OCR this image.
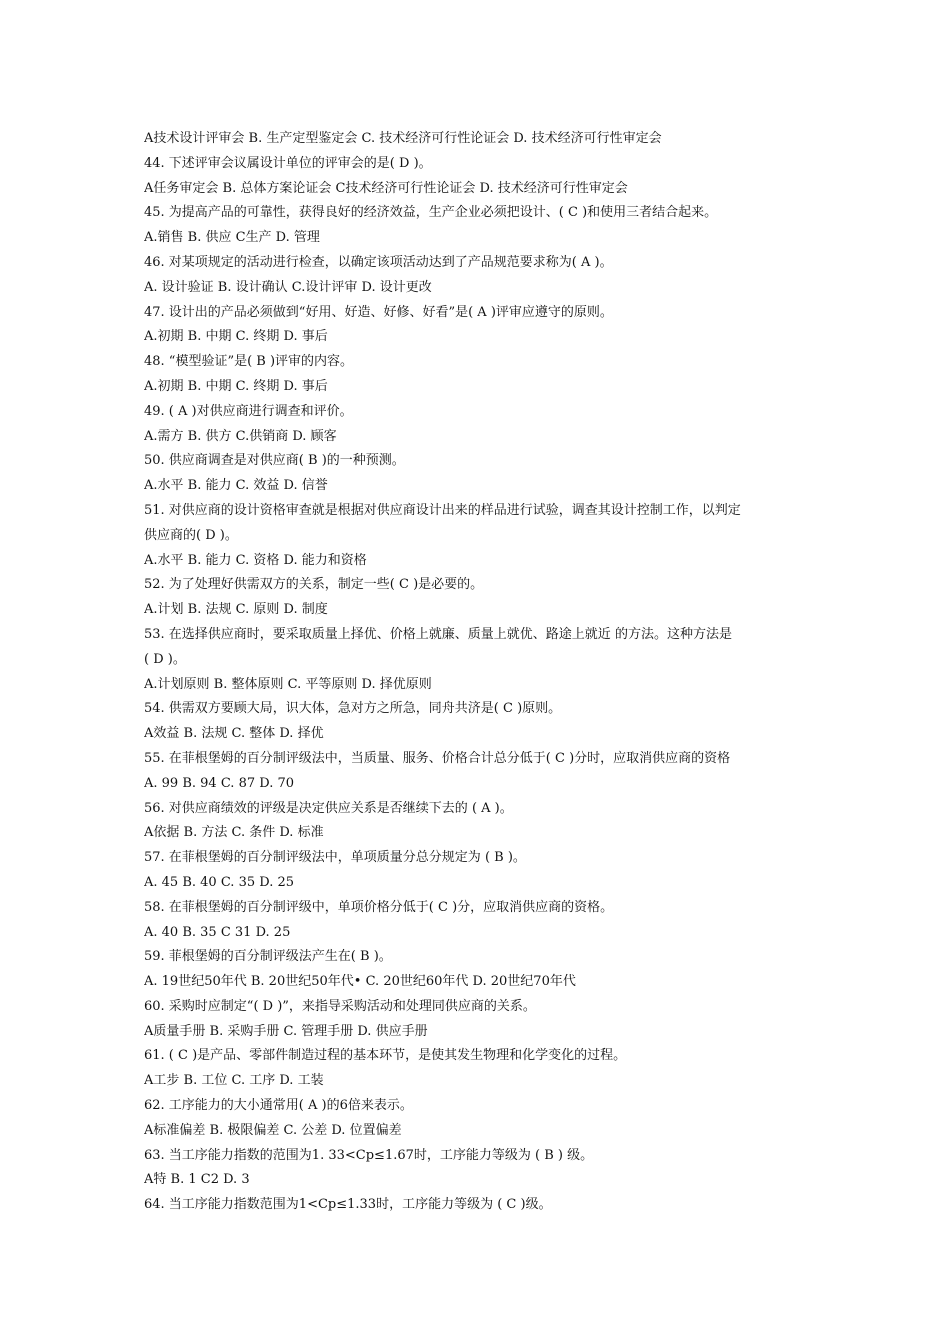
A技术设计评审会 B. 生产定型鉴定会 C. 技术经济可行性论证会 D. 技术经济可行性审定会
44. 下述评审会议属设计单位的评审会的是( D )。
A任务审定会 B. 总体方案论证会 C技术经济可行性论证会 D. 技术经济可行性审定会
45. 为提高产品的可靠性，获得良好的经济效益，生产企业必须把设计、( C )和使用三者结合起来。
A.销售 B. 供应 C生产 D. 管理
46. 对某项规定的活动进行检查，以确定该项活动达到了产品规范要求称为( A )。
A. 设计验证 B. 设计确认 C.设计评审 D. 设计更改
47. 设计出的产品必须做到“好用、好造、好修、好看”是( A )评审应遵守的原则。
A.初期 B. 中期 C. 终期 D. 事后
48. “模型验证”是( B )评审的内容。
A.初期 B. 中期 C. 终期 D. 事后
49. ( A )对供应商进行调查和评价。
A.需方 B. 供方 C.供销商 D. 顾客
50. 供应商调查是对供应商( B )的一种预测。
A.水平 B. 能力 C. 效益 D. 信誉
51. 对供应商的设计资格审查就是根据对供应商设计出来的样品进行试验，调查其设计控制工作，以判定
供应商的( D )。
A.水平 B. 能力 C. 资格 D. 能力和资格
52. 为了处理好供需双方的关系，制定一些( C )是必要的。
A.计划 B. 法规 C. 原则 D. 制度
53. 在选择供应商时，要采取质量上择优、价格上就廉、质量上就优、路途上就近 的方法。这种方法是
( D )。
A.计划原则 B. 整体原则 C. 平等原则 D. 择优原则
54. 供需双方要顾大局，识大体，急对方之所急，同舟共济是( C )原则。
A效益 B. 法规 C. 整体 D. 择优
55. 在菲根堡姆的百分制评级法中，当质量、服务、价格合计总分低于( C )分时，应取消供应商的资格
A. 99 B. 94 C. 87 D. 70
56. 对供应商绩效的评级是决定供应关系是否继续下去的 ( A )。
A依据 B. 方法 C. 条件 D. 标准
57. 在菲根堡姆的百分制评级法中，单项质量分总分规定为 ( B )。
A. 45 B. 40 C. 35 D. 25
58. 在菲根堡姆的百分制评级中，单项价格分低于( C )分，应取消供应商的资格。
A. 40 B. 35 C 31 D. 25
59. 菲根堡姆的百分制评级法产生在( B )。
A. 19世纪50年代 B. 20世纪50年代• C. 20世纪60年代 D. 20世纪70年代
60. 采购时应制定“( D )”，来指导采购活动和处理同供应商的关系。
A质量手册 B. 采购手册 C. 管理手册 D. 供应手册
61. ( C )是产品、零部件制造过程的基本环节，是使其发生物理和化学变化的过程。
A工步 B. 工位 C. 工序 D. 工装
62. 工序能力的大小通常用( A )的6倍来表示。
A标准偏差 B. 极限偏差 C. 公差 D. 位置偏差
63. 当工序能力指数的范围为1. 33<Cp≤1.67时，工序能力等级为 ( B ) 级。
A特 B. 1 C2 D. 3
64. 当工序能力指数范围为1<Cp≤1.33时，工序能力等级为 ( C )级。
